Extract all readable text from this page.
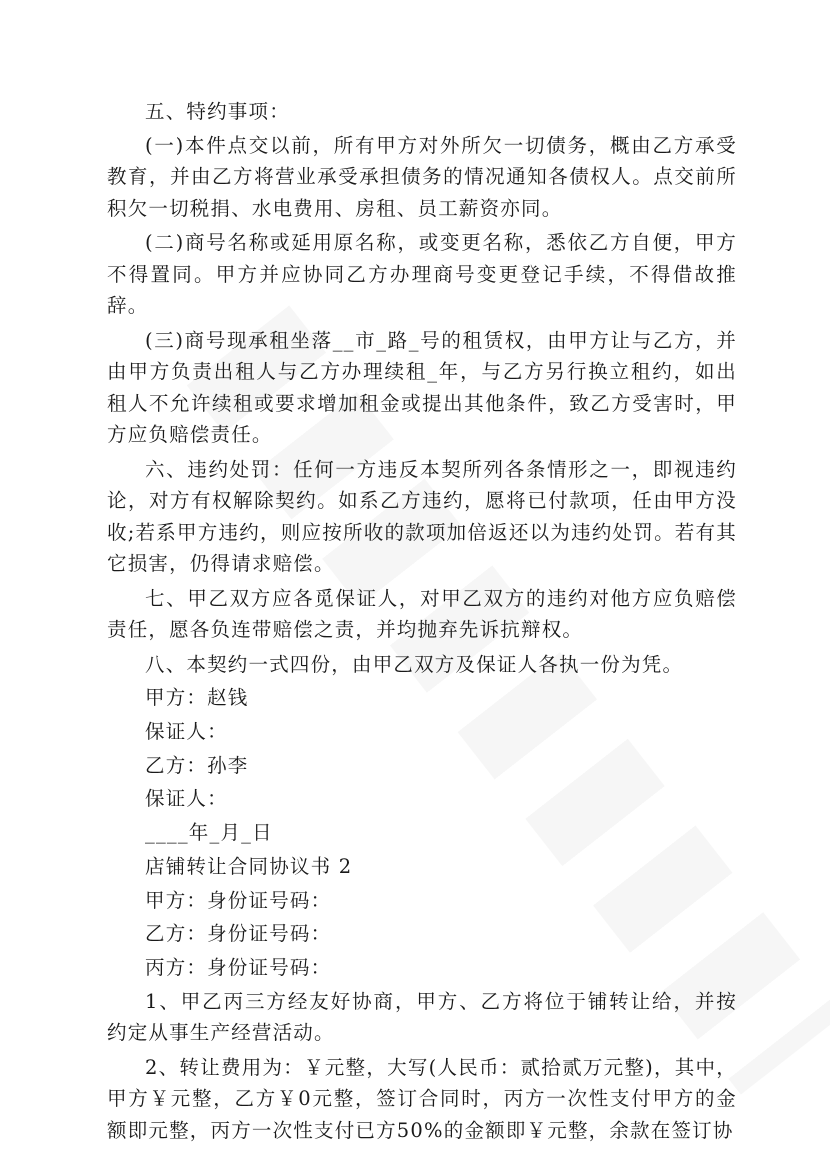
五、特约事项：

(一)本件点交以前，所有甲方对外所欠一切债务，概由乙方承受教育，并由乙方将营业承受承担债务的情况通知各债权人。点交前所积欠一切税捐、水电费用、房租、员工薪资亦同。

(二)商号名称或延用原名称，或变更名称，悉依乙方自便，甲方不得置同。甲方并应协同乙方办理商号变更登记手续，不得借故推辞。

(三)商号现承租坐落__市_路_号的租赁权，由甲方让与乙方，并由甲方负责出租人与乙方办理续租_年，与乙方另行换立租约，如出租人不允许续租或要求增加租金或提出其他条件，致乙方受害时，甲方应负赔偿责任。

六、违约处罚：任何一方违反本契所列各条情形之一，即视违约论，对方有权解除契约。如系乙方违约，愿将已付款项，任由甲方没收;若系甲方违约，则应按所收的款项加倍返还以为违约处罚。若有其它损害，仍得请求赔偿。

七、甲乙双方应各觅保证人，对甲乙双方的违约对他方应负赔偿责任，愿各负连带赔偿之责，并均抛弃先诉抗辩权。

八、本契约一式四份，由甲乙双方及保证人各执一份为凭。

甲方：赵钱

保证人：

乙方：孙李

保证人：

____年_月_日

店铺转让合同协议书 2

甲方：身份证号码：

乙方：身份证号码：

丙方：身份证号码：

1、甲乙丙三方经友好协商，甲方、乙方将位于铺转让给，并按约定从事生产经营活动。

2、转让费用为：￥元整，大写(人民币：贰拾贰万元整)，其中，甲方￥元整，乙方￥0元整，签订合同时，丙方一次性支付甲方的金额即元整，丙方一次性支付已方50%的金额即￥元整，余款在签订协
